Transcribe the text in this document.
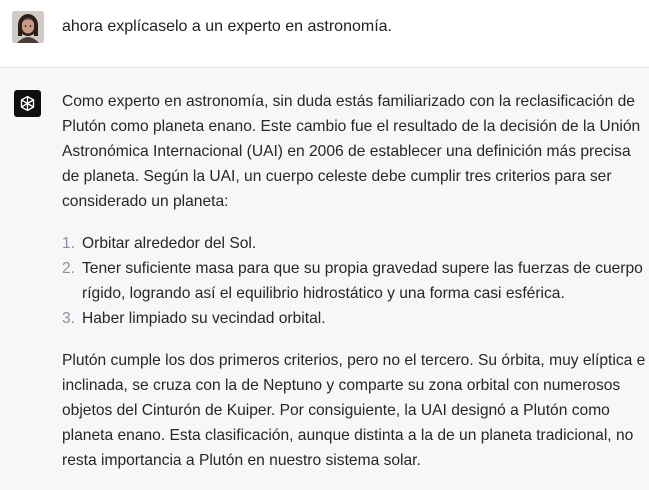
ahora explícaselo a un experto en astronomía.

Como experto en astronomía, sin duda estás familiarizado con la reclasificación de Plutón como planeta enano. Este cambio fue el resultado de la decisión de la Unión Astronómica Internacional (UAI) en 2006 de establecer una definición más precisa de planeta. Según la UAI, un cuerpo celeste debe cumplir tres criterios para ser considerado un planeta:

1. Orbitar alrededor del Sol.
2. Tener suficiente masa para que su propia gravedad supere las fuerzas de cuerpo rígido, logrando así el equilibrio hidrostático y una forma casi esférica.
3. Haber limpiado su vecindad orbital.

Plutón cumple los dos primeros criterios, pero no el tercero. Su órbita, muy elíptica e inclinada, se cruza con la de Neptuno y comparte su zona orbital con numerosos objetos del Cinturón de Kuiper. Por consiguiente, la UAI designó a Plutón como planeta enano. Esta clasificación, aunque distinta a la de un planeta tradicional, no resta importancia a Plutón en nuestro sistema solar.
